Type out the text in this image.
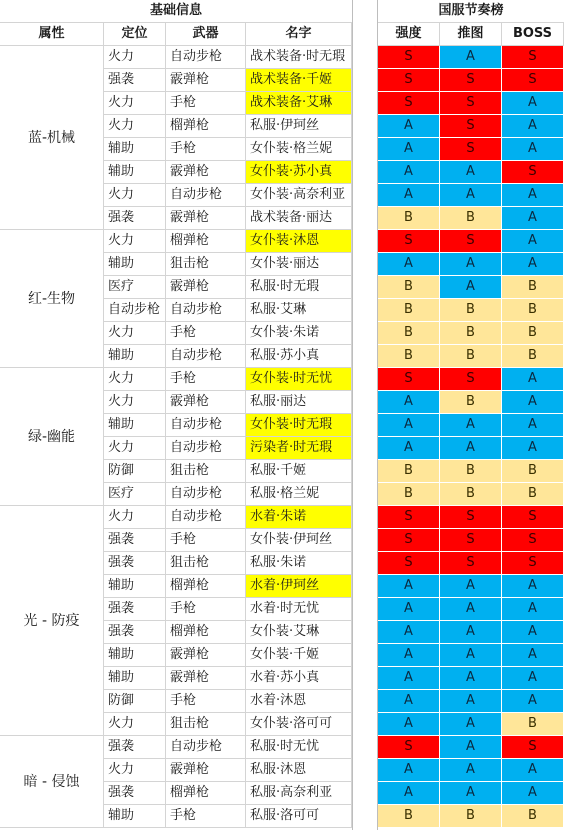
基础信息	国服节奏榜
属性	定位	武器	名字	强度	推图	BOSS
蓝-机械
火力	自动步枪	战术装备·时无瑕	S	A	S
强袭	霰弹枪	战术装备·千姬	S	S	S
火力	手枪	战术装备·艾琳	S	S	A
火力	榴弹枪	私服·伊珂丝	A	S	A
辅助	手枪	女仆装·格兰妮	A	S	A
辅助	霰弹枪	女仆装·苏小真	A	A	S
火力	自动步枪	女仆装·高奈利亚	A	A	A
强袭	霰弹枪	战术装备·丽达	B	B	A
红-生物
火力	榴弹枪	女仆装·沐恩	S	S	A
辅助	狙击枪	女仆装·丽达	A	A	A
医疗	霰弹枪	私服·时无瑕	B	A	B
自动步枪 自动步枪	私服·艾琳	B	B	B
火力	手枪	女仆装·朱诺	B	B	B
辅助	自动步枪	私服·苏小真	B	B	B
绿-幽能
火力	手枪	女仆装·时无忧	S	S	A
火力	霰弹枪	私服·丽达	A	B	A
辅助	自动步枪	女仆装·时无瑕	A	A	A
火力	自动步枪	污染者·时无瑕	A	A	A
防御	狙击枪	私服·千姬	B	B	B
医疗	自动步枪	私服·格兰妮	B	B	B
光 - 防疫
火力	自动步枪	水着·朱诺	S	S	S
强袭	手枪	女仆装·伊珂丝	S	S	S
强袭	狙击枪	私服·朱诺	S	S	S
辅助	榴弹枪	水着·伊珂丝	A	A	A
强袭	手枪	水着·时无忧	A	A	A
强袭	榴弹枪	女仆装·艾琳	A	A	A
辅助	霰弹枪	女仆装·千姬	A	A	A
辅助	霰弹枪	水着·苏小真	A	A	A
防御	手枪	水着·沐恩	A	A	A
火力	狙击枪	女仆装·洛可可	A	A	B
暗 - 侵蚀
强袭	自动步枪	私服·时无忧	S	A	S
火力	霰弹枪	私服·沐恩	A	A	A
强袭	榴弹枪	私服·高奈利亚	A	A	A
辅助	手枪	私服·洛可可	B	B	B
